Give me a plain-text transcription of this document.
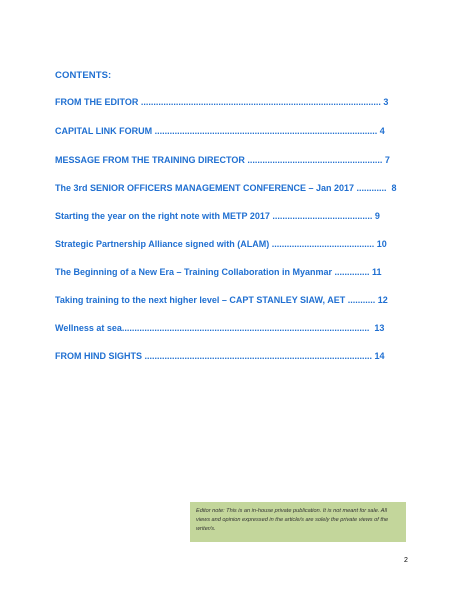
CONTENTS:
FROM THE EDITOR ................................................................................................ 3
CAPITAL LINK FORUM ......................................................................................... 4
MESSAGE FROM THE TRAINING DIRECTOR ...................................................... 7
The 3rd SENIOR OFFICERS MANAGEMENT CONFERENCE – Jan 2017 ............  8
Starting the year on the right note with METP 2017 ........................................ 9
Strategic Partnership Alliance signed with (ALAM) ......................................... 10
The Beginning of a New Era – Training Collaboration in Myanmar .............. 11
Taking training to the next higher level – CAPT STANLEY SIAW, AET ........... 12
Wellness at sea...................................................................................................  13
FROM HIND SIGHTS ........................................................................................... 14
Editor note: This is an in-house private publication. It is not meant for sale. All views and opinion expressed in the article/s are solely the private views of the writer/s.
2
